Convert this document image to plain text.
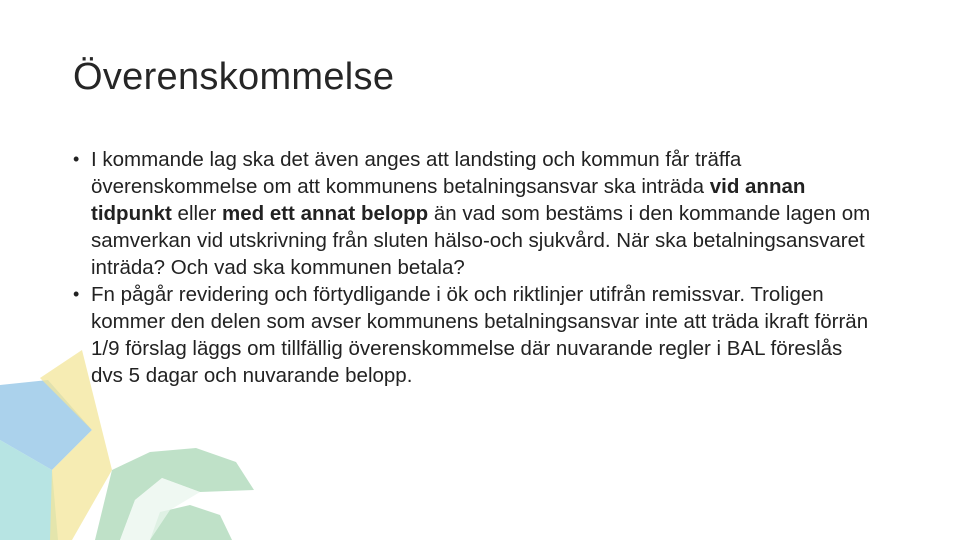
Överenskommelse
• I kommande lag ska det även anges att landsting och kommun får träffa överenskommelse om att kommunens betalningsansvar ska inträda vid annan tidpunkt eller med ett annat belopp än vad som bestäms i den kommande lagen om samverkan vid utskrivning från sluten hälso-och sjukvård. När ska betalningsansvaret inträda? Och vad ska kommunen betala?
• Fn pågår revidering och förtydligande i ök och riktlinjer utifrån remissvar. Troligen kommer den delen som avser kommunens betalningsansvar inte att träda ikraft förrän 1/9 förslag läggs om tillfällig överenskommelse där nuvarande regler i BAL föreslås dvs 5 dagar och nuvarande belopp.
